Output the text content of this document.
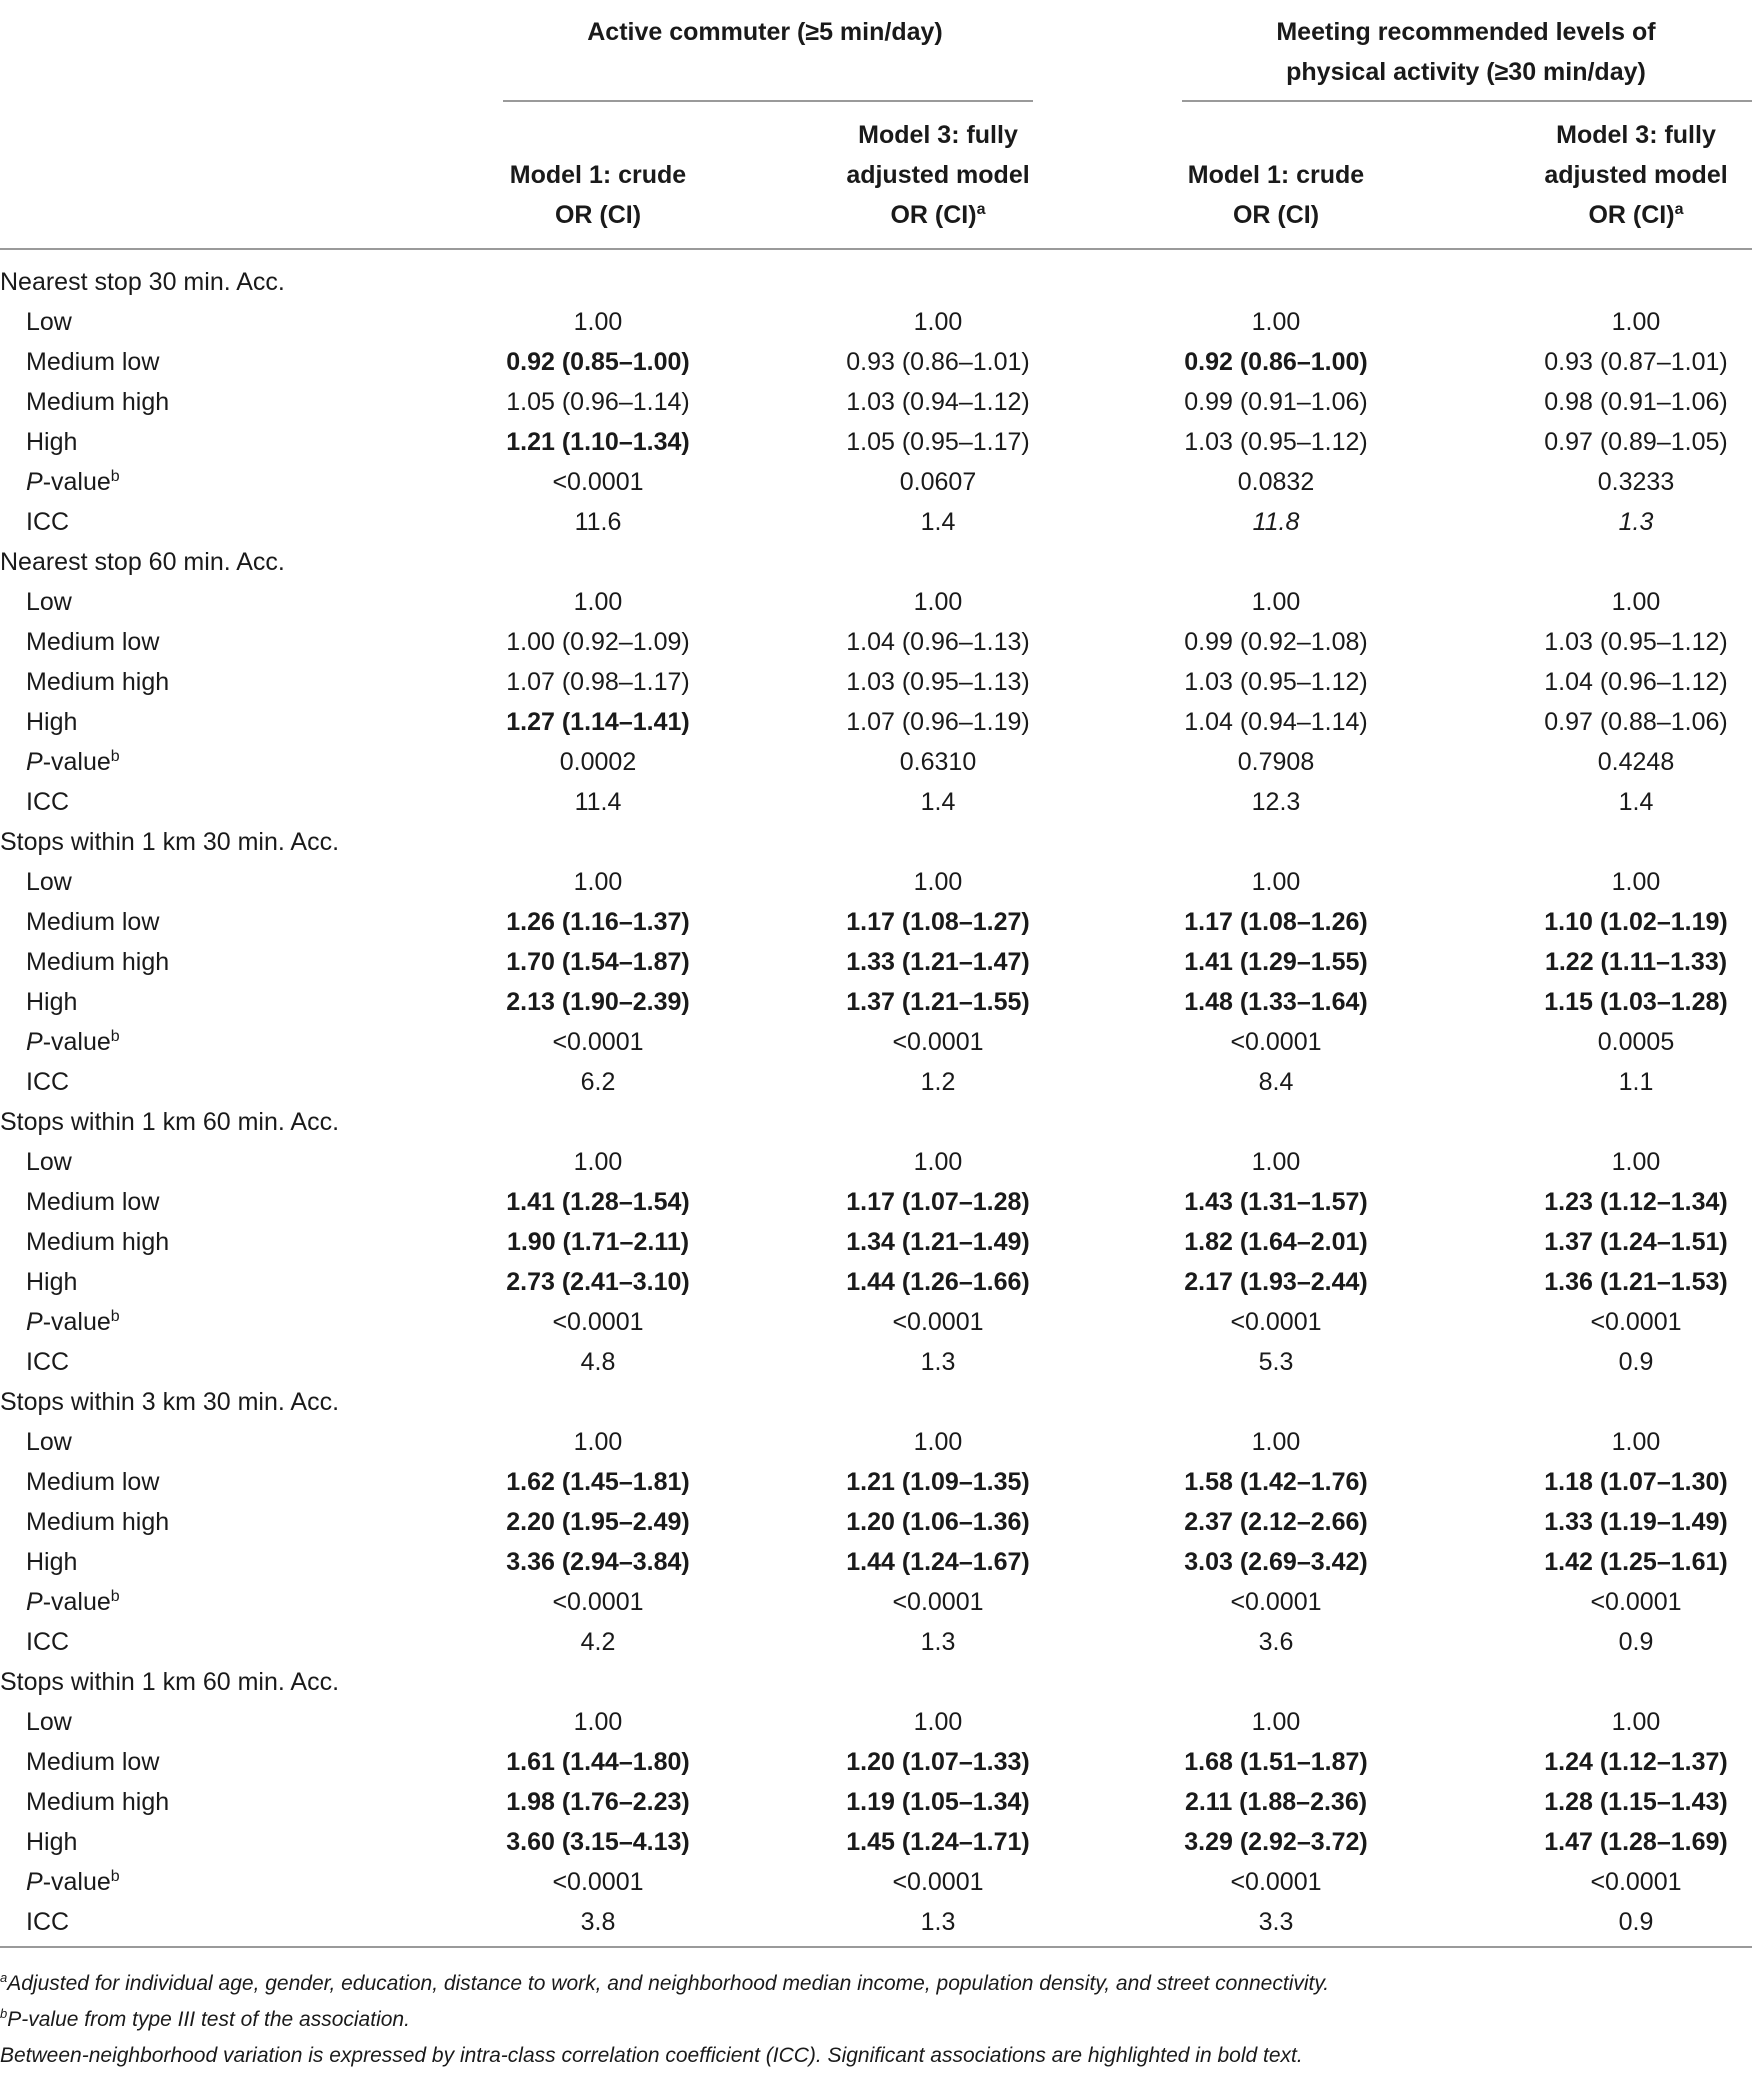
Active commuter (≥5 min/day)	Meeting recommended levels of
physical activity (≥30 min/day)

Model 1: crude
OR (CI)
Model 3: fully
adjusted model
OR (CI)$^a$

Model 1: crude
OR (CI)
Model 3: fully
adjusted model
OR (CI)$^a$
Nearest stop 30 min. Acc.
Low	1.00	1.00	1.00	1.00
Medium low	0.92 (0.85–1.00)	0.93 (0.86–1.01)	0.92 (0.86–1.00)	0.93 (0.87–1.01)
Medium high	1.05 (0.96–1.14)	1.03 (0.94–1.12)	0.99 (0.91–1.06)	0.98 (0.91–1.06)
High	1.21 (1.10–1.34)	1.05 (0.95–1.17)	1.03 (0.95–1.12)	0.97 (0.89–1.05)
P-value$^b$	<0.0001	0.0607	0.0832	0.3233
ICC	11.6	1.4	11.8	1.3
Nearest stop 60 min. Acc.
Low	1.00	1.00	1.00	1.00
Medium low	1.00 (0.92–1.09)	1.04 (0.96–1.13)	0.99 (0.92–1.08)	1.03 (0.95–1.12)
Medium high	1.07 (0.98–1.17)	1.03 (0.95–1.13)	1.03 (0.95–1.12)	1.04 (0.96–1.12)
High	1.27 (1.14–1.41)	1.07 (0.96–1.19)	1.04 (0.94–1.14)	0.97 (0.88–1.06)
P-value$^b$	0.0002	0.6310	0.7908	0.4248
ICC	11.4	1.4	12.3	1.4
Stops within 1 km 30 min. Acc.
Low	1.00	1.00	1.00	1.00
Medium low	1.26 (1.16–1.37)	1.17 (1.08–1.27)	1.17 (1.08–1.26)	1.10 (1.02–1.19)
Medium high	1.70 (1.54–1.87)	1.33 (1.21–1.47)	1.41 (1.29–1.55)	1.22 (1.11–1.33)
High	2.13 (1.90–2.39)	1.37 (1.21–1.55)	1.48 (1.33–1.64)	1.15 (1.03–1.28)
P-value$^b$	<0.0001	<0.0001	<0.0001	0.0005
ICC	6.2	1.2	8.4	1.1
Stops within 1 km 60 min. Acc.
Low	1.00	1.00	1.00	1.00
Medium low	1.41 (1.28–1.54)	1.17 (1.07–1.28)	1.43 (1.31–1.57)	1.23 (1.12–1.34)
Medium high	1.90 (1.71–2.11)	1.34 (1.21–1.49)	1.82 (1.64–2.01)	1.37 (1.24–1.51)
High	2.73 (2.41–3.10)	1.44 (1.26–1.66)	2.17 (1.93–2.44)	1.36 (1.21–1.53)
P-value$^b$	<0.0001	<0.0001	<0.0001	<0.0001
ICC	4.8	1.3	5.3	0.9
Stops within 3 km 30 min. Acc.
Low	1.00	1.00	1.00	1.00
Medium low	1.62 (1.45–1.81)	1.21 (1.09–1.35)	1.58 (1.42–1.76)	1.18 (1.07–1.30)
Medium high	2.20 (1.95–2.49)	1.20 (1.06–1.36)	2.37 (2.12–2.66)	1.33 (1.19–1.49)
High	3.36 (2.94–3.84)	1.44 (1.24–1.67)	3.03 (2.69–3.42)	1.42 (1.25–1.61)
P-value$^b$	<0.0001	<0.0001	<0.0001	<0.0001
ICC	4.2	1.3	3.6	0.9
Stops within 1 km 60 min. Acc.
Low	1.00	1.00	1.00	1.00
Medium low	1.61 (1.44–1.80)	1.20 (1.07–1.33)	1.68 (1.51–1.87)	1.24 (1.12–1.37)
Medium high	1.98 (1.76–2.23)	1.19 (1.05–1.34)	2.11 (1.88–2.36)	1.28 (1.15–1.43)
High	3.60 (3.15–4.13)	1.45 (1.24–1.71)	3.29 (2.92–3.72)	1.47 (1.28–1.69)
P-value$^b$	<0.0001	<0.0001	<0.0001	<0.0001
ICC	3.8	1.3	3.3	0.9
$^a$Adjusted for individual age, gender, education, distance to work, and neighborhood median income, population density, and street connectivity.
$^b$P-value from type III test of the association.
Between-neighborhood variation is expressed by intra-class correlation coefficient (ICC). Significant associations are highlighted in bold text.
